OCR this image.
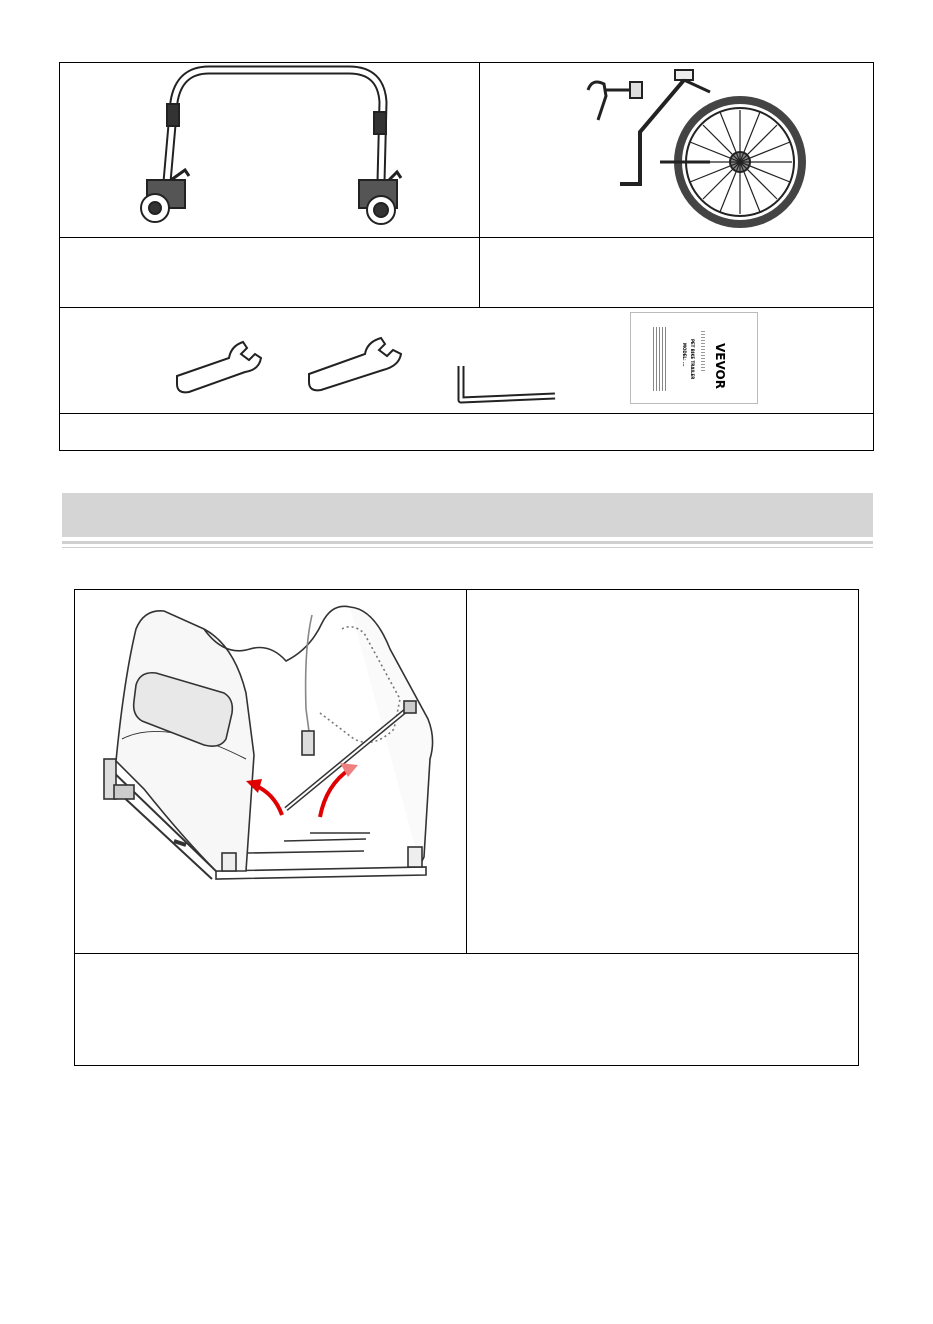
VEVOR
PET BIKE TRAILER
MODEL: ...
